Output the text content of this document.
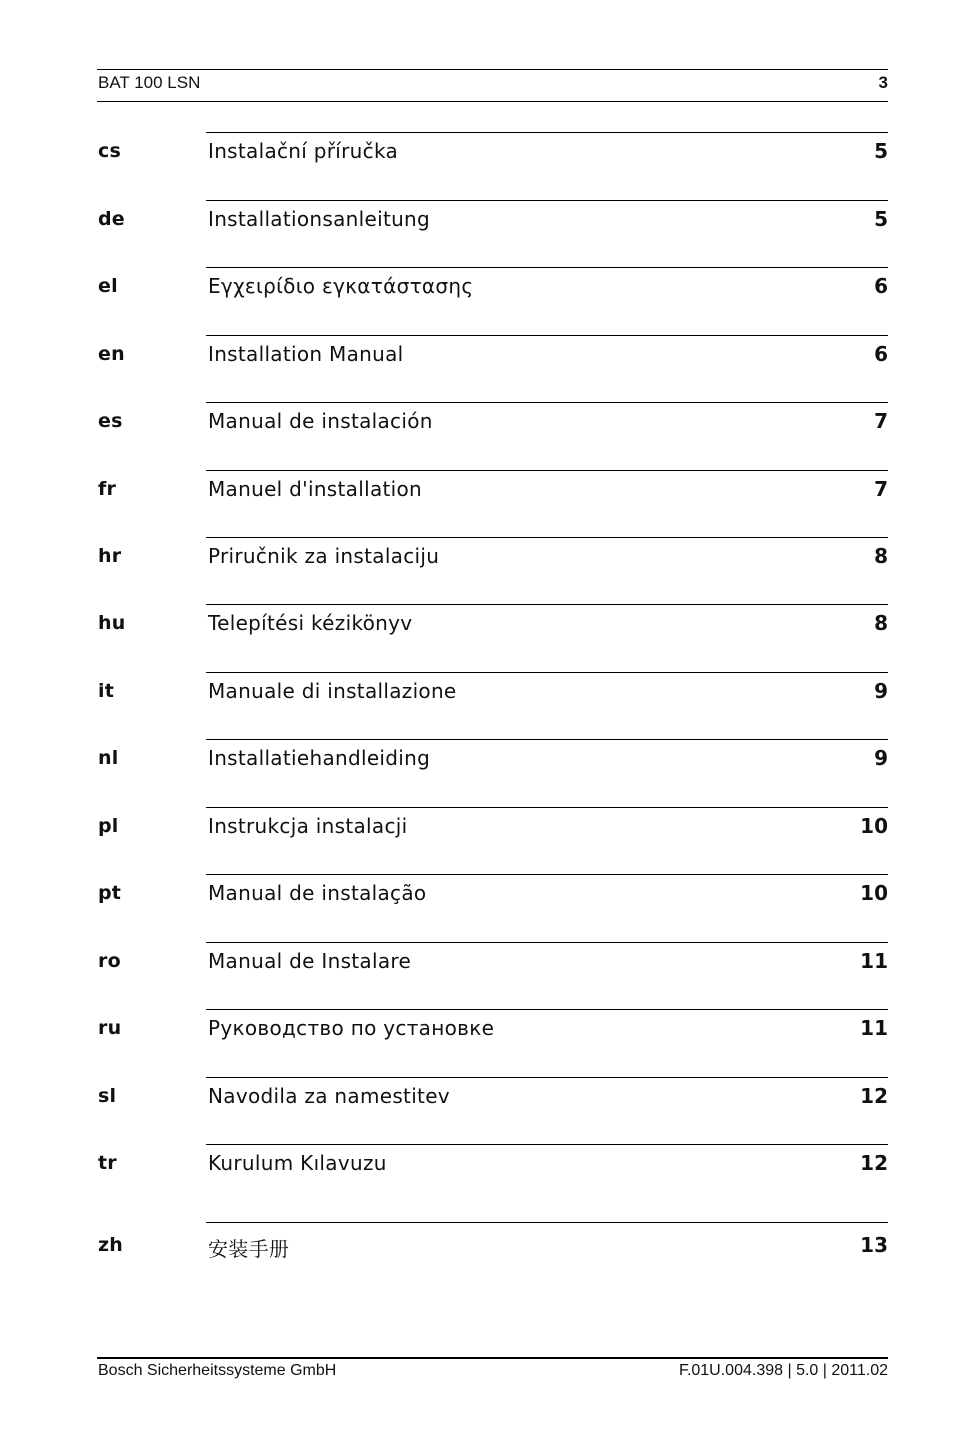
BAT 100 LSN	3
cs	Instalační příručka	5
de	Installationsanleitung	5
el	Εγχειρίδιο εγκατάστασης	6
en	Installation Manual	6
es	Manual de instalación	7
fr	Manuel d'installation	7
hr	Priručnik za instalaciju	8
hu	Telepítési kézikönyv	8
it	Manuale di installazione	9
nl	Installatiehandleiding	9
pl	Instrukcja instalacji	10
pt	Manual de instalação	10
ro	Manual de Instalare	11
ru	Руководство по установке	11
sl	Navodila za namestitev	12
tr	Kurulum Kılavuzu	12
zh	安装手册	13
Bosch Sicherheitssysteme GmbH	F.01U.004.398 | 5.0 | 2011.02
